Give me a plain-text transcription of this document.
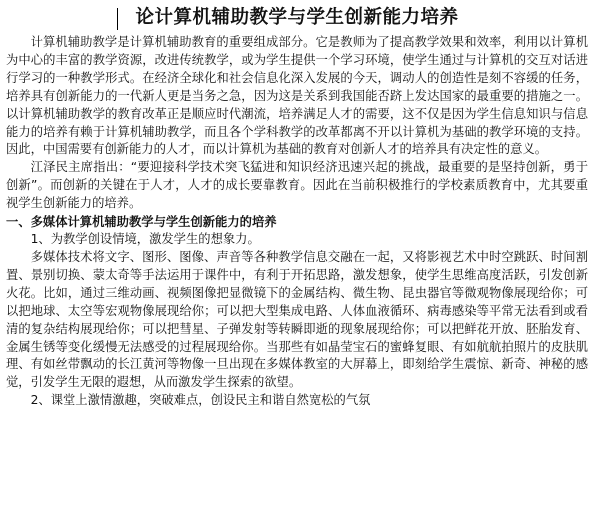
论计算机辅助教学与学生创新能力培养

计算机辅助教学是计算机辅助教育的重要组成部分。它是教师为了提高教学效果和效率，利用以计算机为中心的丰富的教学资源，改进传统教学，或为学生提供一个学习环境，使学生通过与计算机的交互对话进行学习的一种教学形式。在经济全球化和社会信息化深入发展的今天，调动人的创造性是刻不容缓的任务，培养具有创新能力的一代新人更是当务之急，因为这是关系到我国能否跻上发达国家的最重要的措施之一。以计算机辅助教学的教育改革正是顺应时代潮流，培养满足人才的需要，这不仅是因为学生信息知识与信息能力的培养有赖于计算机辅助教学，而且各个学科教学的改革都离不开以计算机为基础的教学环境的支持。因此，中国需要有创新能力的人才，而以计算机为基础的教育对创新人才的培养具有决定性的意义。

江泽民主席指出：“要迎接科学技术突飞猛进和知识经济迅速兴起的挑战，最重要的是坚持创新，勇于创新”。而创新的关键在于人才，人才的成长要靠教育。因此在当前积极推行的学校素质教育中，尤其要重视学生创新能力的培养。

一、多媒体计算机辅助教学与学生创新能力的培养

1、为教学创设情境，激发学生的想象力。

多媒体技术将文字、图形、图像、声音等各种教学信息交融在一起，又将影视艺术中时空跳跃、时间割置、景别切换、蒙太奇等手法运用于课件中，有利于开拓思路，激发想象，使学生思维高度活跃，引发创新火花。比如，通过三维动画、视频图像把显微镜下的金属结构、微生物、昆虫器官等微观物像展现给你；可以把地球、太空等宏观物像展现给你；可以把大型集成电路、人体血液循环、病毒感染等平常无法看到或看清的复杂结构展现给你；可以把彗星、子弹发射等转瞬即逝的现象展现给你；可以把鲜花开放、胚胎发育、金属生锈等变化缓慢无法感受的过程展现给你。当那些有如晶莹宝石的蜜蜂复眼、有如航航拍照片的皮肤肌理、有如丝带飘动的长江黄河等物像一旦出现在多媒体教室的大屏幕上，即刻给学生震惊、新奇、神秘的感觉，引发学生无限的遐想，从而激发学生探索的欲望。

2、课堂上激情激趣，突破难点，创设民主和谐自然宽松的气氛
